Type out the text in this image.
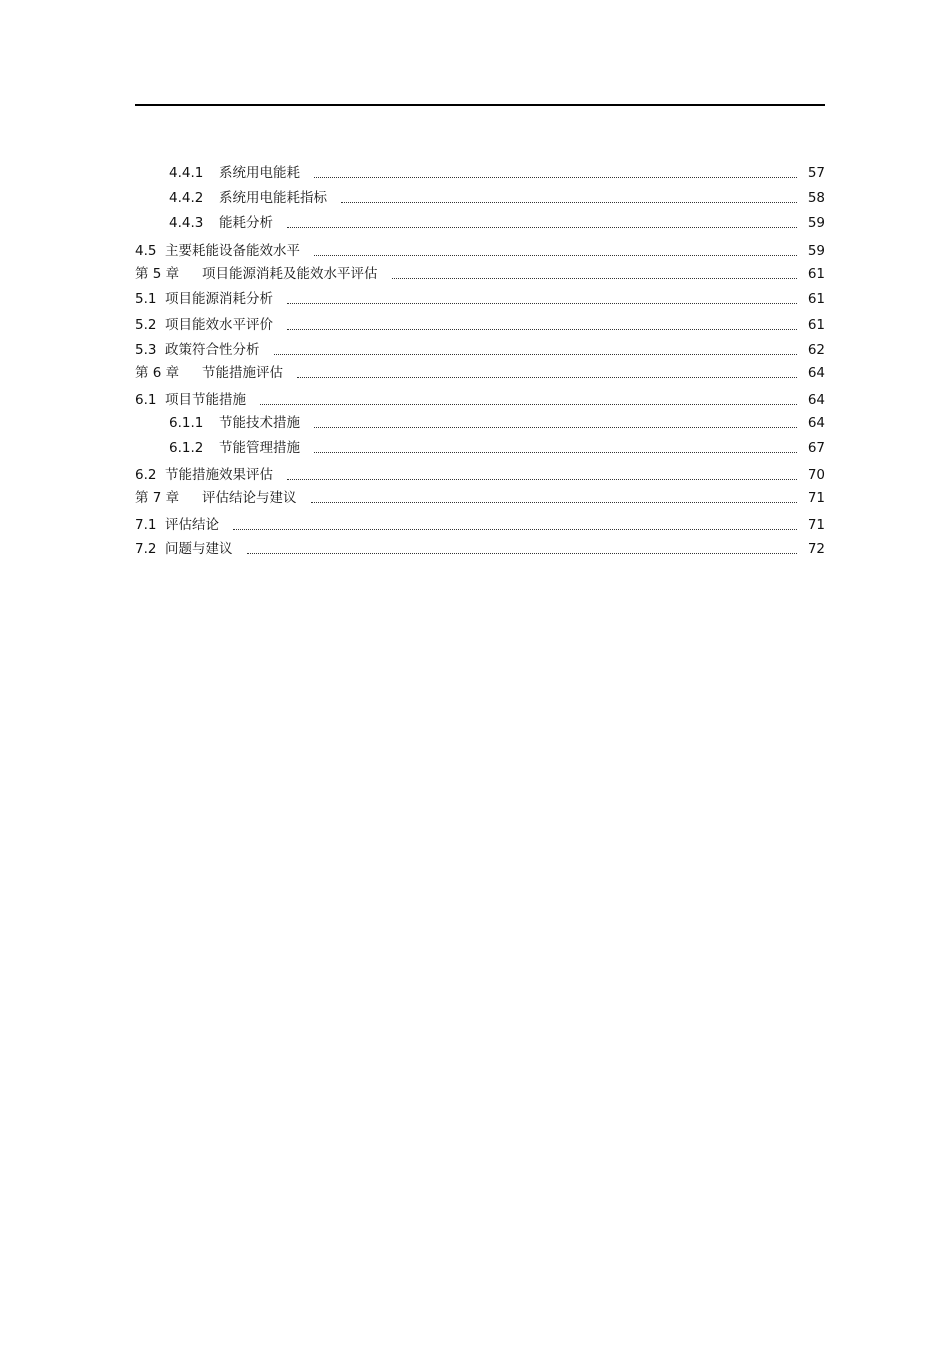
4.4.1	系统用电能耗	57
4.4.2	系统用电能耗指标	58
4.4.3	能耗分析	59
4.5 主要耗能设备能效水平	59
第 5 章	项目能源消耗及能效水平评估	61
5.1 项目能源消耗分析	61
5.2 项目能效水平评价	61
5.3 政策符合性分析	62
第 6 章	节能措施评估	64
6.1 项目节能措施	64
6.1.1	节能技术措施	64
6.1.2	节能管理措施	67
6.2 节能措施效果评估	70
第 7 章	评估结论与建议	71
7.1 评估结论	71
7.2 问题与建议	72
